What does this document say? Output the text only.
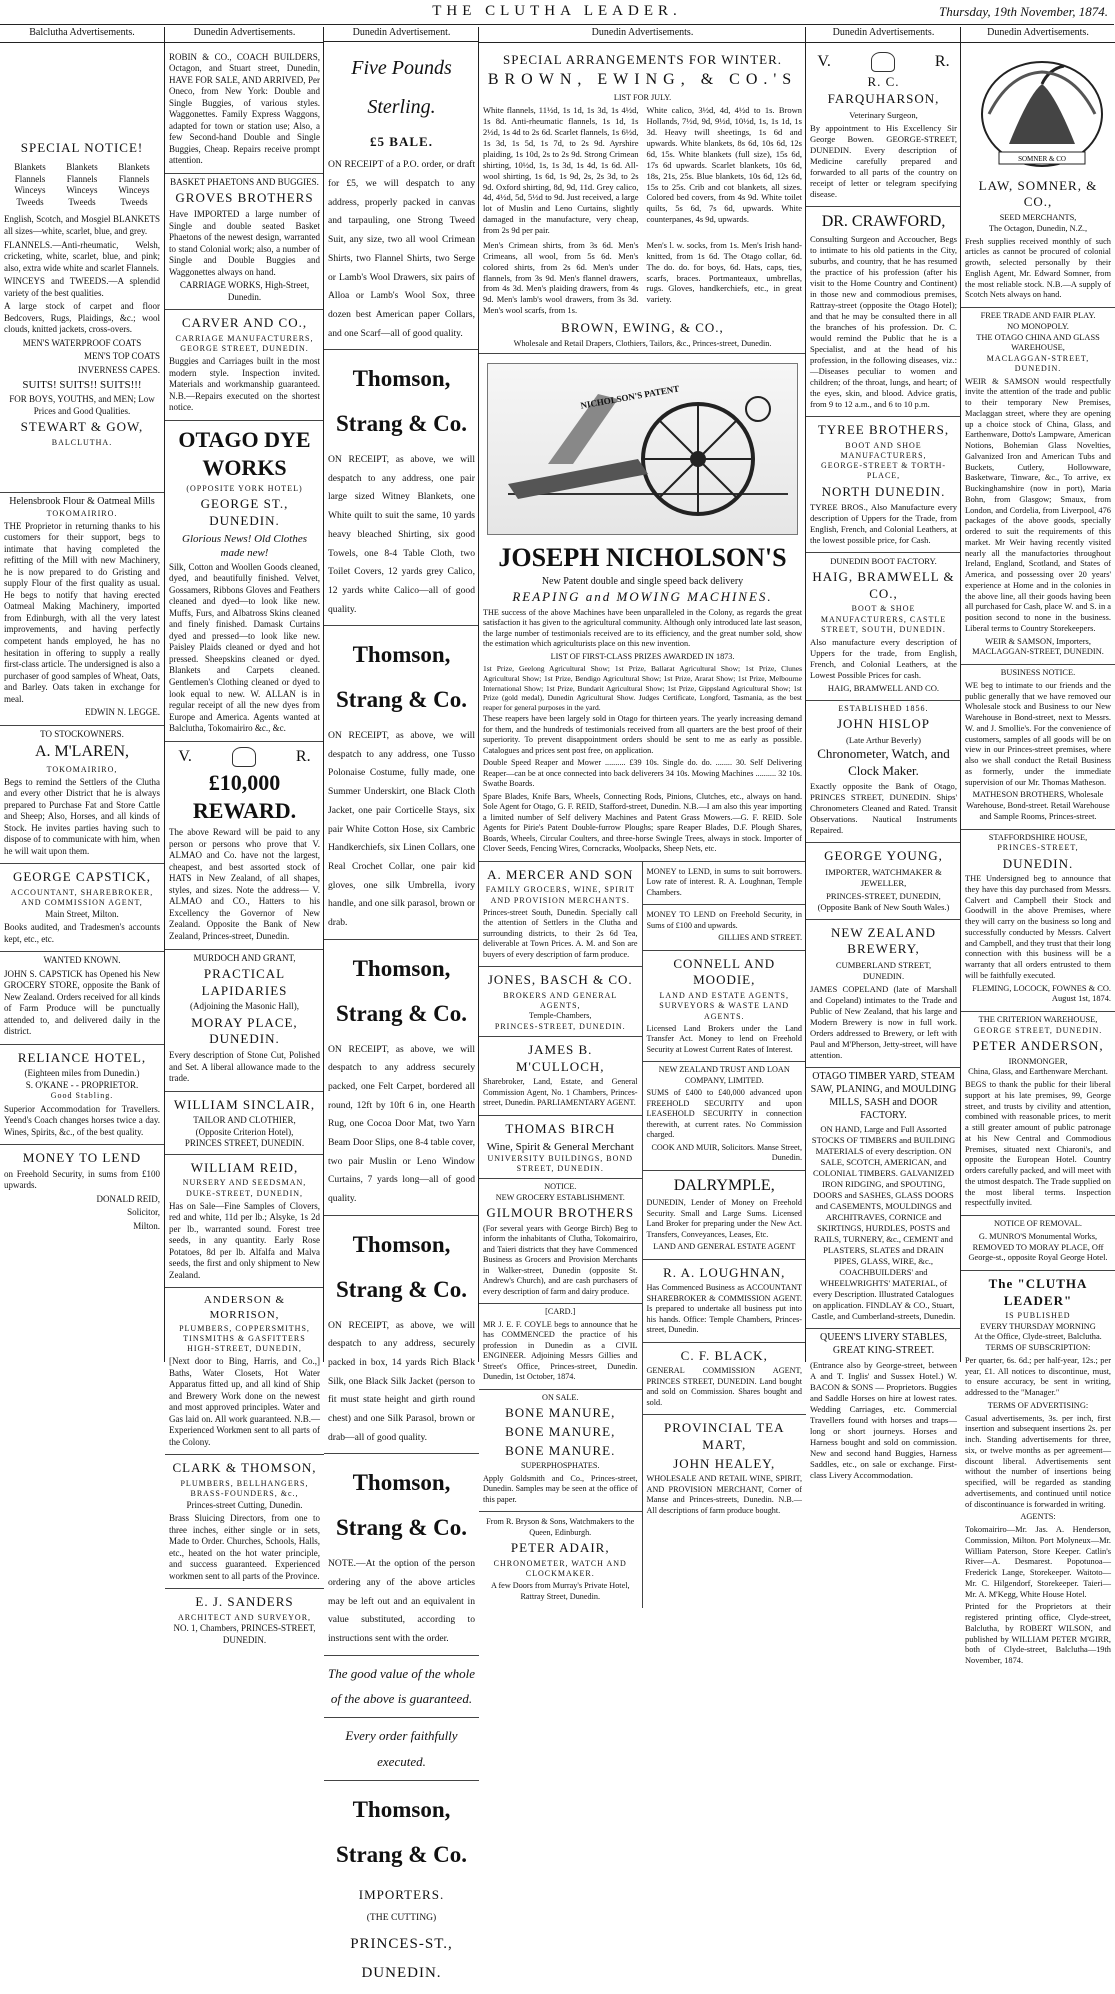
THE CLUTHA LEADER.	Thursday, 19th November, 1874.
Balclutha Advertisements.
SPECIAL NOTICE!
Blankets	Blankets	Blankets
Flannels	Flannels	Flannels
Winceys	Winceys	Winceys
Tweeds	Tweeds	Tweeds

English, Scotch, and Mosgiel BLANKETS all sizes—white, scarlet, blue, and grey.

FLANNELS.—Anti-rheumatic, Welsh, cricketing, white, scarlet, blue, and pink; also, extra wide white and scarlet Flannels.

WINCEYS and TWEEDS.—A splendid variety of the best qualities.

A large stock of carpet and floor Bedcovers, Rugs, Plaidings, &c.; wool clouds, knitted jackets, cross-overs.

MEN'S WATERPROOF COATS

MEN'S TOP COATS

INVERNESS CAPES.

SUITS! SUITS!! SUITS!!!

FOR BOYS, YOUTHS, and MEN; Low Prices and Good Qualities.

STEWART & GOW,
BALCLUTHA.
Helensbrook Flour & Oatmeal Mills
TOKOMAIRIRO.

THE Proprietor in returning thanks to his customers for their support, begs to intimate that having completed the refitting of the Mill with new Machinery, he is now prepared to do Gristing and supply Flour of the first quality as usual. He begs to notify that having erected Oatmeal Making Machinery, imported from Edinburgh, with all the very latest improvements, and having perfectly competent hands employed, he has no hesitation in offering to supply a really first-class article. The undersigned is also a purchaser of good samples of Wheat, Oats, and Barley. Oats taken in exchange for meal.

EDWIN N. LEGGE.

TO STOCKOWNERS.
A. M'LAREN,
TOKOMAIRIRO,

Begs to remind the Settlers of the Clutha and every other District that he is always prepared to Purchase Fat and Store Cattle and Sheep; Also, Horses, and all kinds of Stock. He invites parties having such to dispose of to communicate with him, when he will wait upon them.

GEORGE CAPSTICK,
ACCOUNTANT, SHAREBROKER, AND COMMISSION AGENT,
Main Street, Milton.

Books audited, and Tradesmen's accounts kept, etc., etc.

WANTED KNOWN.

JOHN S. CAPSTICK has Opened his New GROCERY STORE, opposite the Bank of New Zealand. Orders received for all kinds of Farm Produce will be punctually attended to, and delivered daily in the district.

RELIANCE HOTEL,
(Eighteen miles from Dunedin.)
S. O'KANE - - PROPRIETOR.
Good Stabling.

Superior Accommodation for Travellers. Yeend's Coach changes horses twice a day. Wines, Spirits, &c., of the best quality.

MONEY TO LEND

on Freehold Security, in sums from £100 upwards.

DONALD REID,

Solicitor,

Milton.

Dunedin Advertisements.

ROBIN & CO., COACH BUILDERS, Octagon, and Stuart street, Dunedin, HAVE FOR SALE, AND ARRIVED, Per Oneco, from New York: Double and Single Buggies, of various styles. Waggonettes. Family Express Waggons, adapted for town or station use; Also, a few Second-hand Double and Single Buggies, Cheap. Repairs receive prompt attention.

BASKET PHAETONS AND BUGGIES.
GROVES BROTHERS

Have IMPORTED a large number of Single and double seated Basket Phaetons of the newest design, warranted to stand Colonial work; also, a number of Single and Double Buggies and Waggonettes always on hand.

CARRIAGE WORKS, High-Street, Dunedin.

CARVER AND CO.,
CARRIAGE MANUFACTURERS, GEORGE STREET, DUNEDIN.

Buggies and Carriages built in the most modern style. Inspection invited. Materials and workmanship guaranteed. N.B.—Repairs executed on the shortest notice.

OTAGO DYE WORKS
(OPPOSITE YORK HOTEL)
GEORGE ST., DUNEDIN.
Glorious News! Old Clothes made new!

Silk, Cotton and Woollen Goods cleaned, dyed, and beautifully finished. Velvet, Gossamers, Ribbons Gloves and Feathers cleaned and dyed—to look like new. Muffs, Furs, and Albatross Skins cleaned and finely finished. Damask Curtains dyed and pressed—to look like new. Paisley Plaids cleaned or dyed and hot pressed. Sheepskins cleaned or dyed. Blankets and Carpets cleaned. Gentlemen's Clothing cleaned or dyed to look equal to new. W. ALLAN is in regular receipt of all the new dyes from Europe and America. Agents wanted at Balclutha, Tokomairiro &c., &c.

V.	R.
£10,000 REWARD.

The above Reward will be paid to any person or persons who prove that V. ALMAO and Co. have not the largest, cheapest, and best assorted stock of HATS in New Zealand, of all shapes, styles, and sizes. Note the address— V. ALMAO and CO., Hatters to his Excellency the Governor of New Zealand. Opposite the Bank of New Zealand, Princes-street, Dunedin.

MURDOCH AND GRANT,
PRACTICAL LAPIDARIES
(Adjoining the Masonic Hall),
MORAY PLACE, DUNEDIN.

Every description of Stone Cut, Polished and Set. A liberal allowance made to the trade.

WILLIAM SINCLAIR,
TAILOR AND CLOTHIER,
(Opposite Criterion Hotel),
PRINCES STREET, DUNEDIN.
WILLIAM REID,
NURSERY AND SEEDSMAN,
DUKE-STREET, DUNEDIN,

Has on Sale—Fine Samples of Clovers, red and white, 11d per lb.; Alsyke, 1s 2d per lb., warranted sound. Forest tree seeds, in any quantity. Early Rose Potatoes, 8d per lb. Alfalfa and Malva seeds, the first and only shipment to New Zealand.

ANDERSON & MORRISON,
PLUMBERS, COPPERSMITHS, TINSMITHS & GASFITTERS
HIGH-STREET, DUNEDIN,

[Next door to Bing, Harris, and Co.,] Baths, Water Closets, Hot Water Apparatus fitted up, and all kind of Ship and Brewery Work done on the newest and most approved principles. Water and Gas laid on. All work guaranteed. N.B.—Experienced Workmen sent to all parts of the Colony.

CLARK & THOMSON,
PLUMBERS, BELLHANGERS, BRASS-FOUNDERS, &c.,
Princes-street Cutting, Dunedin.

Brass Sluicing Directors, from one to three inches, either single or in sets, Made to Order. Churches, Schools, Halls, etc., heated on the hot water principle, and success guaranteed. Experienced workmen sent to all parts of the Province.

E. J. SANDERS
ARCHITECT AND SURVEYOR,
NO. 1, Chambers, PRINCES-STREET, DUNEDIN.
Dunedin Advertisement.
Five Pounds Sterling.
£5 BALE.

ON RECEIPT of a P.O. order, or draft for £5, we will despatch to any address, properly packed in canvas and tarpauling, one Strong Tweed Suit, any size, two all wool Crimean Shirts, two Flannel Shirts, two Serge or Lamb's Wool Drawers, six pairs of Alloa or Lamb's Wool Sox, three dozen best American paper Collars, and one Scarf—all of good quality.

Thomson, Strang & Co.

ON RECEIPT, as above, we will despatch to any address, one pair large sized Witney Blankets, one White quilt to suit the same, 10 yards heavy bleached Shirting, six good Towels, one 8-4 Table Cloth, two Toilet Covers, 12 yards grey Calico, 12 yards white Calico—all of good quality.

Thomson, Strang & Co.

ON RECEIPT, as above, we will despatch to any address, one Tusso Polonaise Costume, fully made, one Summer Underskirt, one Black Cloth Jacket, one pair Corticelle Stays, six pair White Cotton Hose, six Cambric Handkerchiefs, six Linen Collars, one Real Crochet Collar, one pair kid gloves, one silk Umbrella, ivory handle, and one silk parasol, brown or drab.

Thomson, Strang & Co.

ON RECEIPT, as above, we will despatch to any address securely packed, one Felt Carpet, bordered all round, 12ft by 10ft 6 in, one Hearth Rug, one Cocoa Door Mat, two Yarn Beam Door Slips, one 8-4 table cover, two pair Muslin or Leno Window Curtains, 7 yards long—all of good quality.

Thomson, Strang & Co.

ON RECEIPT, as above, we will despatch to any address, securely packed in box, 14 yards Rich Black Silk, one Black Silk Jacket (person to fit must state height and girth round chest) and one Silk Parasol, brown or drab—all of good quality.

Thomson, Strang & Co.

NOTE.—At the option of the person ordering any of the above articles may be left out and an equivalent in value substituted, according to instructions sent with the order.

The good value of the whole of the above is guaranteed.

Every order faithfully executed.

Thomson, Strang & Co.
IMPORTERS.
(THE CUTTING)
PRINCES-ST., DUNEDIN.
Dunedin Advertisements.
SPECIAL ARRANGEMENTS FOR WINTER.
BROWN, EWING, & CO.'S
LIST FOR JULY.

White flannels, 11½d, 1s 1d, 1s 3d, 1s 4½d, 1s 8d. Anti-rheumatic flannels, 1s 1d, 1s 2½d, 1s 4d to 2s 6d. Scarlet flannels, 1s 6½d, 1s 3d, 1s 5d, 1s 7d, to 2s 9d. Ayrshire plaiding, 1s 10d, 2s to 2s 9d. Strong Crimean shirting, 10½d, 1s, 1s 3d, 1s 4d, 1s 6d. All-wool shirting, 1s 6d, 1s 9d, 2s, 2s 3d, to 2s 9d. Oxford shirting, 8d, 9d, 11d. Grey calico, 4d, 4½d, 5d, 5½d to 9d. Just received, a large lot of Muslin and Leno Curtains, slightly damaged in the manufacture, very cheap, from 2s 9d per pair.

White calico, 3½d, 4d, 4½d to 1s. Brown Hollands, 7½d, 9d, 9½d, 10½d, 1s, 1s 1d, 1s 3d. Heavy twill sheetings, 1s 6d and upwards. White blankets, 8s 6d, 10s 6d, 12s 6d, 15s. White blankets (full size), 15s 6d, 17s 6d upwards. Scarlet blankets, 10s 6d, 18s, 21s, 25s. Blue blankets, 10s 6d, 12s 6d, 15s to 25s. Crib and cot blankets, all sizes. Colored bed covers, from 4s 9d. White toilet quilts, 5s 6d, 7s 6d, upwards. White counterpanes, 4s 9d, upwards.

Men's Crimean shirts, from 3s 6d. Men's Crimeans, all wool, from 5s 6d. Men's colored shirts, from 2s 6d. Men's under flannels, from 3s 9d. Men's flannel drawers, from 4s 3d. Men's plaiding drawers, from 4s 9d. Men's lamb's wool drawers, from 3s 3d. Men's wool scarfs, from 1s.

Men's l. w. socks, from 1s. Men's Irish hand-knitted, from 1s 6d. The Otago collar, 6d. The do. do. for boys, 6d. Hats, caps, ties, scarfs, braces. Portmanteaux, umbrellas, rugs. Gloves, handkerchiefs, etc., in great variety.

BROWN, EWING, & CO.,
Wholesale and Retail Drapers, Clothiers, Tailors, &c., Princes-street, Dunedin.
NICHOLSON'S PATENT
JOSEPH NICHOLSON'S
New Patent double and single speed back delivery
REAPING and MOWING MACHINES.

THE success of the above Machines have been unparalleled in the Colony, as regards the great satisfaction it has given to the agricultural community. Although only introduced late last season, the large number of testimonials received are to its efficiency, and the great number sold, show the estimation which agriculturists place on this new invention.

LIST OF FIRST-CLASS PRIZES AWARDED IN 1873.

1st Prize, Geelong Agricultural Show; 1st Prize, Ballarat Agricultural Show; 1st Prize, Clunes Agricultural Show; 1st Prize, Bendigo Agricultural Show; 1st Prize, Ararat Show; 1st Prize, Melbourne International Show; 1st Prize, Bundarit Agricultural Show; 1st Prize, Gippsland Agricultural Show; 1st Prize (gold medal), Dunedin Agricultural Show. Judges Certificate, Longford, Tasmania, as the best reaper for general purposes in the yard.

These reapers have been largely sold in Otago for thirteen years. The yearly increasing demand for them, and the hundreds of testimonials received from all quarters are the best proof of their superiority. To prevent disappointment orders should be sent to me as early as possible. Catalogues and prices sent post free, on application.

Double Speed Reaper and Mower .......... £39 10s. Single do. do. ........ 30. Self Delivering Reaper—can be at once connected into back deliverers 34 10s. Mowing Machines .......... 32 10s. Swathe Boards.

Spare Blades, Knife Bars, Wheels, Connecting Rods, Pinions, Clutches, etc., always on hand. Sole Agent for Otago, G. F. REID, Stafford-street, Dunedin. N.B.—I am also this year importing a limited number of Self delivery Machines and Patent Grass Mowers.—G. F. REID. Sole Agents for Pirie's Patent Double-furrow Ploughs; spare Reaper Blades, D.F. Plough Shares, Boards, Wheels, Circular Coulters, and three-horse Swingle Trees, always in stock. Importer of Clover Seeds, Fencing Wires, Corncracks, Woolpacks, Sheep Nets, etc.

A. MERCER AND SON
FAMILY GROCERS, WINE, SPIRIT AND PROVISION MERCHANTS.

Princes-street South, Dunedin. Specially call the attention of Settlers in the Clutha and surrounding districts, to their 2s 6d Tea, deliverable at Town Prices. A. M. and Son are buyers of every description of farm produce.

JONES, BASCH & CO.
BROKERS AND GENERAL AGENTS,
Temple-Chambers,
PRINCES-STREET, DUNEDIN.
JAMES B. M'CULLOCH,

Sharebroker, Land, Estate, and General Commission Agent, No. 1 Chambers, Princes-street, Dunedin. PARLIAMENTARY AGENT.

THOMAS BIRCH
Wine, Spirit & General Merchant
UNIVERSITY BUILDINGS, BOND STREET, DUNEDIN.
NOTICE.
NEW GROCERY ESTABLISHMENT.
GILMOUR BROTHERS

(For several years with George Birch) Beg to inform the inhabitants of Clutha, Tokomairiro, and Taieri districts that they have Commenced Business as Grocers and Provision Merchants in Walker-street, Dunedin (opposite St. Andrew's Church), and are cash purchasers of every description of farm and dairy produce.

[CARD.]

MR J. E. F. COYLE begs to announce that he has COMMENCED the practice of his profession in Dunedin as a CIVIL ENGINEER. Adjoining Messrs Gillies and Street's Office, Princes-street, Dunedin. Dunedin, 1st October, 1874.

ON SALE.
BONE MANURE,
BONE MANURE,
BONE MANURE.
SUPERPHOSPHATES.

Apply Goldsmith and Co., Princes-street, Dunedin. Samples may be seen at the office of this paper.

From R. Bryson & Sons, Watchmakers to the Queen, Edinburgh.

PETER ADAIR,
CHRONOMETER, WATCH AND CLOCKMAKER.

A few Doors from Murray's Private Hotel, Rattray Street, Dunedin.

MONEY to LEND, in sums to suit borrowers. Low rate of interest. R. A. Loughnan, Temple Chambers.

MONEY TO LEND on Freehold Security, in Sums of £100 and upwards.

GILLIES AND STREET.

CONNELL AND MOODIE,
LAND AND ESTATE AGENTS, SURVEYORS & WASTE LAND AGENTS.

Licensed Land Brokers under the Land Transfer Act. Money to lend on Freehold Security at Lowest Current Rates of Interest.

NEW ZEALAND TRUST AND LOAN COMPANY, LIMITED.

SUMS of £400 to £40,000 advanced upon FREEHOLD SECURITY and upon LEASEHOLD SECURITY in connection therewith, at current rates. No Commission charged.

COOK AND MUIR, Solicitors. Manse Street, Dunedin.

DALRYMPLE,

DUNEDIN, Lender of Money on Freehold Security. Small and Large Sums. Licensed Land Broker for preparing under the New Act. Transfers, Conveyances, Leases, Etc.

LAND AND GENERAL ESTATE AGENT

R. A. LOUGHNAN,

Has Commenced Business as ACCOUNTANT SHAREBROKER & COMMISSION AGENT. Is prepared to undertake all business put into his hands. Office: Temple Chambers, Princes-street, Dunedin.

C. F. BLACK,

GENERAL COMMISSION AGENT, PRINCES STREET, DUNEDIN. Land bought and sold on Commission. Shares bought and sold.

PROVINCIAL TEA MART,
JOHN HEALEY,

WHOLESALE AND RETAIL WINE, SPIRIT, AND PROVISION MERCHANT, Corner of Manse and Princes-streets, Dunedin. N.B.—All descriptions of farm produce bought.

Dunedin Advertisements.
V.	R.
R. C. FARQUHARSON,
Veterinary Surgeon,

By appointment to His Excellency Sir George Bowen. GEORGE-STREET, DUNEDIN. Every description of Medicine carefully prepared and forwarded to all parts of the country on receipt of letter or telegram specifying disease.

DR. CRAWFORD,

Consulting Surgeon and Accoucher, Begs to intimate to his old patients in the City, suburbs, and country, that he has resumed the practice of his profession (after his visit to the Home Country and Continent) in those new and commodious premises, Rattray-street (opposite the Otago Hotel); and that he may be consulted there in all the branches of his profession. Dr. C. would remind the Public that he is a Specialist, and at the head of his profession, in the following diseases, viz.:—Diseases peculiar to women and children; of the throat, lungs, and heart; of the eyes, skin, and blood. Advice gratis, from 9 to 12 a.m., and 6 to 10 p.m.

TYREE BROTHERS,
BOOT AND SHOE MANUFACTURERS,
GEORGE-STREET & TORTH-PLACE,
NORTH DUNEDIN.

TYREE BROS., Also Manufacture every description of Uppers for the Trade, from English, French, and Colonial Leathers, at the lowest possible price, for Cash.

DUNEDIN BOOT FACTORY.
HAIG, BRAMWELL & CO.,
BOOT & SHOE MANUFACTURERS, CASTLE STREET, SOUTH, DUNEDIN.

Also manufacture every description of Uppers for the trade, from English, French, and Colonial Leathers, at the Lowest Possible Prices for cash.

HAIG, BRAMWELL AND CO.

ESTABLISHED 1856.
JOHN HISLOP
(Late Arthur Beverly)
Chronometer, Watch, and Clock Maker.

Exactly opposite the Bank of Otago, PRINCES STREET, DUNEDIN. Ships' Chronometers Cleaned and Rated. Transit Observations. Nautical Instruments Repaired.

GEORGE YOUNG,
IMPORTER, WATCHMAKER & JEWELLER,

PRINCES-STREET, DUNEDIN, (Opposite Bank of New South Wales.)

NEW ZEALAND BREWERY,
CUMBERLAND STREET,
DUNEDIN.

JAMES COPELAND (late of Marshall and Copeland) intimates to the Trade and Public of New Zealand, that his large and Modern Brewery is now in full work. Orders addressed to Brewery, or left with Paul and M'Pherson, Jetty-street, will have attention.

OTAGO TIMBER YARD, STEAM SAW, PLANING, and MOULDING MILLS, SASH and DOOR FACTORY.

ON HAND, Large and Full Assorted STOCKS OF TIMBERS and BUILDING MATERIALS of every description. ON SALE, SCOTCH, AMERICAN, and COLONIAL TIMBERS. GALVANIZED IRON RIDGING, and SPOUTING, DOORS and SASHES, GLASS DOORS and CASEMENTS, MOULDINGS and ARCHITRAVES, CORNICE and SKIRTINGS, HURDLES, POSTS and RAILS, TURNERY, &c., CEMENT and PLASTERS, SLATES and DRAIN PIPES, GLASS, WIRE, &c., COACHBUILDERS' and WHEELWRIGHTS' MATERIAL, of every Description. Illustrated Catalogues on application. FINDLAY & CO., Stuart, Castle, and Cumberland-streets, Dunedin.

QUEEN'S LIVERY STABLES, GREAT KING-STREET.

(Entrance also by George-street, between A and T. Inglis' and Sussex Hotel.) W. BACON & SONS — Proprietors. Buggies and Saddle Horses on hire at lowest rates. Wedding Carriages, etc. Commercial Travellers found with horses and traps—long or short journeys. Horses and Harness bought and sold on commission. New and second hand Buggies, Harness Saddles, etc., on sale or exchange. First-class Livery Accommodation.

Dunedin Advertisements.
SOMNER & CO
LAW, SOMNER, & CO.,
SEED MERCHANTS,
The Octagon, Dunedin, N.Z.,

Fresh supplies received monthly of such articles as cannot be procured of colonial growth, selected personally by their English Agent, Mr. Edward Somner, from the most reliable stock. N.B.—A supply of Scotch Nets always on hand.

FREE TRADE AND FAIR PLAY.
NO MONOPOLY.
THE OTAGO CHINA AND GLASS WAREHOUSE,
MACLAGGAN-STREET, DUNEDIN.

WEIR & SAMSON would respectfully invite the attention of the trade and public to their temporary New Premises, Maclaggan street, where they are opening up a choice stock of China, Glass, and Earthenware, Dotto's Lampware, American Notions, Bohemian Glass Novelties, Galvanized Iron and American Tubs and Buckets, Cutlery, Hollowware, Basketware, Tinware, &c., To arrive, ex Buckinghamshire (now in port), Maria Bohn, from Glasgow; Smaux, from London, and Cordelia, from Liverpool, 476 packages of the above goods, specially ordered to suit the requirements of this market. Mr Weir having recently visited nearly all the manufactories throughout Ireland, England, Scotland, and States of America, and possessing over 20 years' experience at Home and in the colonies in the above line, all their goods having been all purchased for Cash, place W. and S. in a position second to none in the business. Liberal terms to Country Storekeepers.

WEIR & SAMSON, Importers, MACLAGGAN-STREET, DUNEDIN.

BUSINESS NOTICE.

WE beg to intimate to our friends and the public generally that we have removed our Wholesale stock and Business to our New Warehouse in Bond-street, next to Messrs. W. and J. Smollie's. For the convenience of customers, samples of all goods will be on view in our Princes-street premises, where also we shall conduct the Retail Business as formerly, under the immediate supervision of our Mr. Thomas Matheson.

MATHESON BROTHERS, Wholesale Warehouse, Bond-street. Retail Warehouse and Sample Rooms, Princes-street.

STAFFORDSHIRE HOUSE,
PRINCES-STREET,
DUNEDIN.

THE Undersigned beg to announce that they have this day purchased from Messrs. Calvert and Campbell their Stock and Goodwill in the above Premises, where they will carry on the business so long and successfully conducted by Messrs. Calvert and Campbell, and they trust that their long connection with this business will be a warranty that all orders entrusted to them will be faithfully executed.

FLEMING, LOCOCK, FOWNES & CO. August 1st, 1874.

THE CRITERION WAREHOUSE,
GEORGE STREET, DUNEDIN.
PETER ANDERSON,
IRONMONGER,
China, Glass, and Earthenware Merchant.

BEGS to thank the public for their liberal support at his late premises, 99, George street, and trusts by civility and attention, combined with reasonable prices, to merit a still greater amount of public patronage at his New Central and Commodious Premises, situated next Chiaroni's, and opposite the European Hotel. Country orders carefully packed, and will meet with the utmost despatch. The Trade supplied on the most liberal terms. Inspection respectfully invited.

NOTICE OF REMOVAL.

G. MUNRO'S Monumental Works, REMOVED TO MORAY PLACE, Off George-st., opposite Royal George Hotel.

The "CLUTHA LEADER"
IS PUBLISHED
EVERY THURSDAY MORNING
At the Office, Clyde-street, Balclutha.
TERMS OF SUBSCRIPTION:

Per quarter, 6s. 6d.; per half-year, 12s.; per year, £1. All notices to discontinue, must, to ensure accuracy, be sent in writing, addressed to the "Manager."

TERMS OF ADVERTISING:

Casual advertisements, 3s. per inch, first insertion and subsequent insertions 2s. per inch. Standing advertisements for three, six, or twelve months as per agreement—discount liberal. Advertisements sent without the number of insertions being specified, will be regarded as standing advertisements, and continued until notice of discontinuance is forwarded in writing.

AGENTS:

Tokomairiro—Mr. Jas. A. Henderson, Commission, Milton. Port Molyneux—Mr. William Paterson, Store Keeper. Catlin's River—A. Desmarest. Popotunoa—Frederick Lange, Storekeeper. Waitoto—Mr. C. Hilgendorf, Storekeeper. Taieri—Mr. A. M'Kegg, White House Hotel.

Printed for the Proprietors at their registered printing office, Clyde-street, Balclutha, by ROBERT WILSON, and published by WILLIAM PETER M'GIRR, both of Clyde-street, Balclutha—19th November, 1874.
